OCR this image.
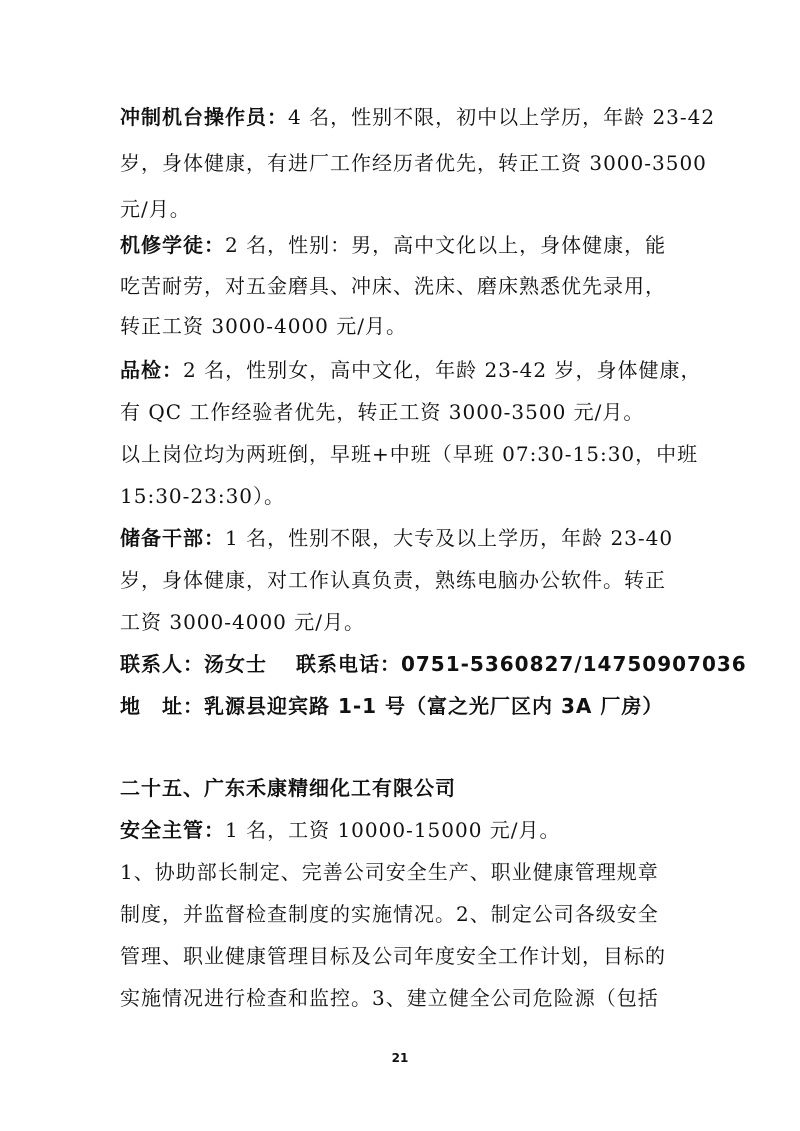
冲制机台操作员：4 名，性别不限，初中以上学历，年龄 23-42
岁，身体健康，有进厂工作经历者优先，转正工资 3000-3500
元/月。
机修学徒：2 名，性别：男，高中文化以上，身体健康，能
吃苦耐劳，对五金磨具、冲床、洗床、磨床熟悉优先录用，
转正工资 3000-4000 元/月。
品检：2 名，性别女，高中文化，年龄 23-42 岁，身体健康，
有 QC 工作经验者优先，转正工资 3000-3500 元/月。
以上岗位均为两班倒，早班+中班（早班 07:30-15:30，中班
15:30-23:30）。
储备干部：1 名，性别不限，大专及以上学历，年龄 23-40
岁，身体健康，对工作认真负责，熟练电脑办公软件。转正
工资 3000-4000 元/月。
联系人：汤女士　 联系电话：0751-5360827/14750907036
地　址：乳源县迎宾路 1-1 号（富之光厂区内 3A 厂房）
二十五、广东禾康精细化工有限公司
安全主管：1 名，工资 10000-15000 元/月。
1、协助部长制定、完善公司安全生产、职业健康管理规章
制度，并监督检查制度的实施情况。2、制定公司各级安全
管理、职业健康管理目标及公司年度安全工作计划，目标的
实施情况进行检查和监控。3、建立健全公司危险源（包括
21
